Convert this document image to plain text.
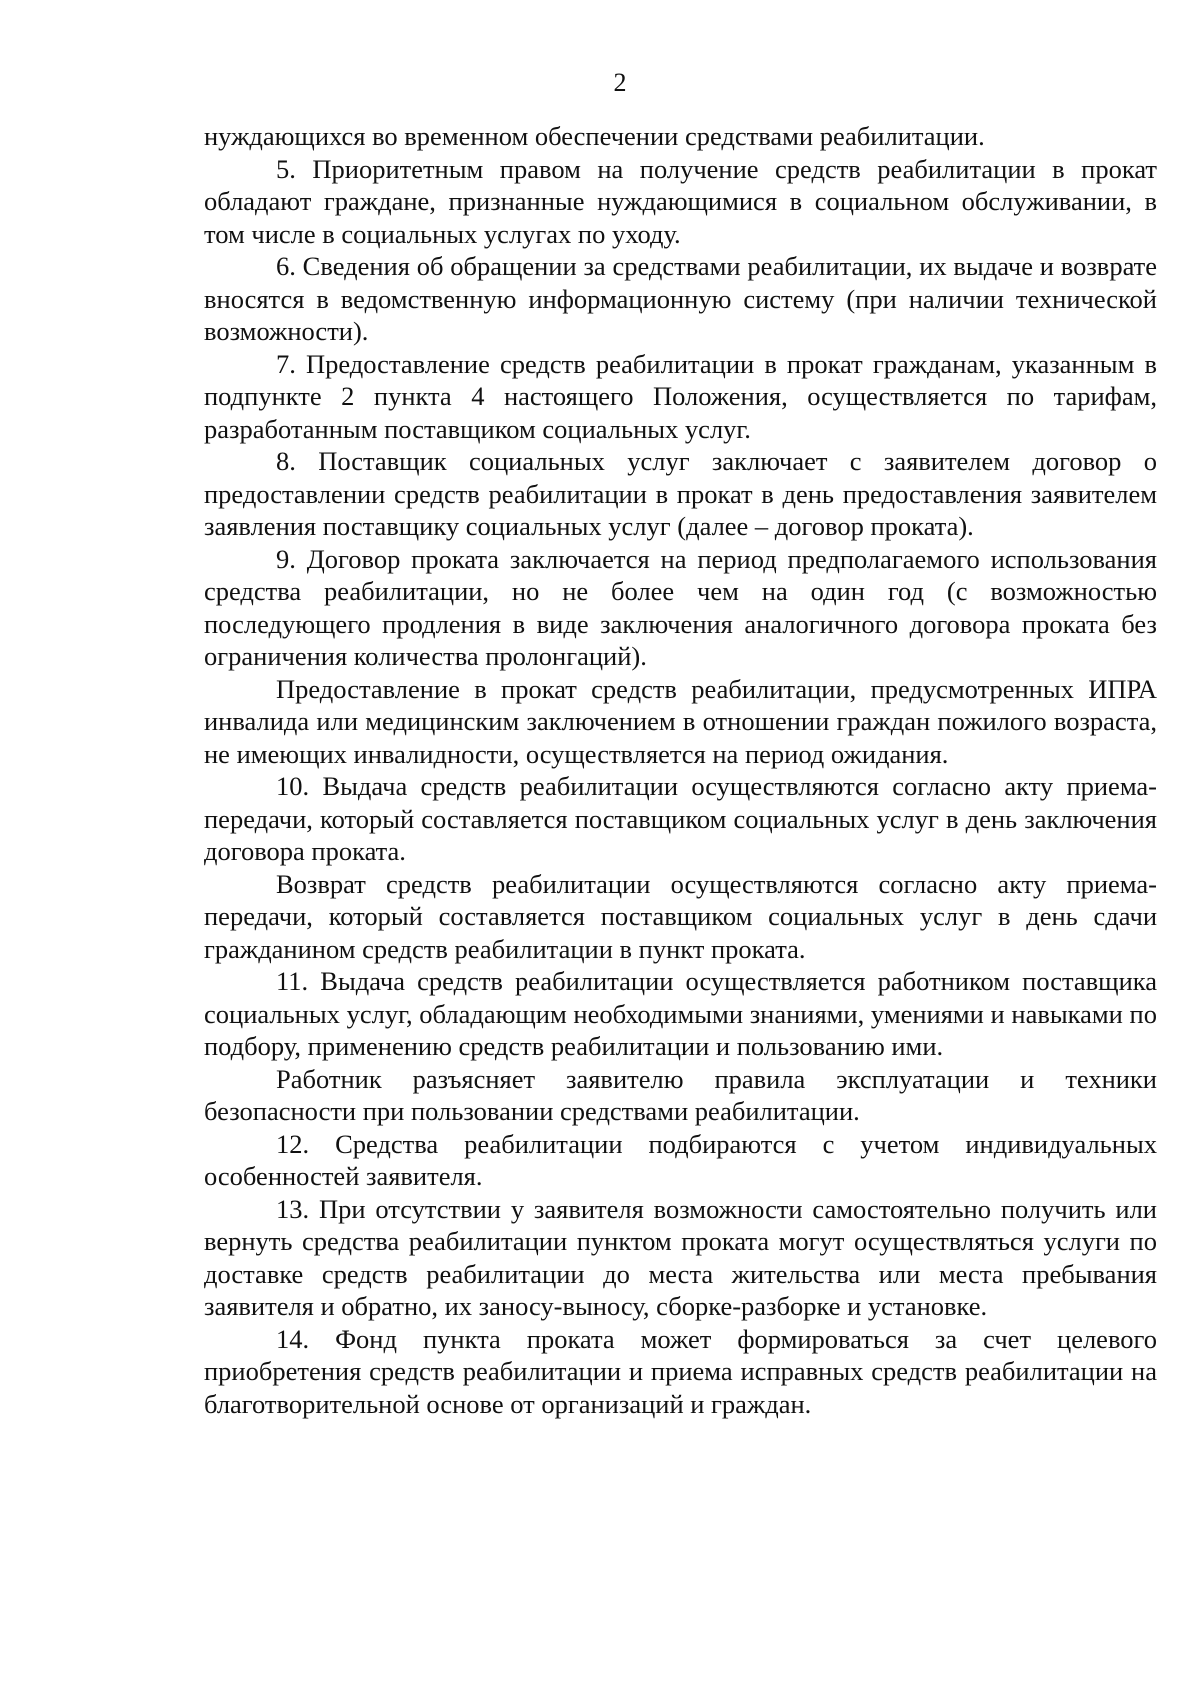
2

нуждающихся во временном обеспечении средствами реабилитации.

5. Приоритетным правом на получение средств реабилитации в прокат обладают граждане, признанные нуждающимися в социальном обслуживании, в том числе в социальных услугах по уходу.

6. Сведения об обращении за средствами реабилитации, их выдаче и возврате вносятся в ведомственную информационную систему (при наличии технической возможности).

7. Предоставление средств реабилитации в прокат гражданам, указанным в подпункте 2 пункта 4 настоящего Положения, осуществляется по тарифам, разработанным поставщиком социальных услуг.

8. Поставщик социальных услуг заключает с заявителем договор о предоставлении средств реабилитации в прокат в день предоставления заявителем заявления поставщику социальных услуг (далее – договор проката).

9. Договор проката заключается на период предполагаемого использования средства реабилитации, но не более чем на один год (с возможностью последующего продления в виде заключения аналогичного договора проката без ограничения количества пролонгаций).

Предоставление в прокат средств реабилитации, предусмотренных ИПРА инвалида или медицинским заключением в отношении граждан пожилого возраста, не имеющих инвалидности, осуществляется на период ожидания.

10. Выдача средств реабилитации осуществляются согласно акту приема-передачи, который составляется поставщиком социальных услуг в день заключения договора проката.

Возврат средств реабилитации осуществляются согласно акту приема-передачи, который составляется поставщиком социальных услуг в день сдачи гражданином средств реабилитации в пункт проката.

11. Выдача средств реабилитации осуществляется работником поставщика социальных услуг, обладающим необходимыми знаниями, умениями и навыками по подбору, применению средств реабилитации и пользованию ими.

Работник разъясняет заявителю правила эксплуатации и техники безопасности при пользовании средствами реабилитации.

12. Средства реабилитации подбираются с учетом индивидуальных особенностей заявителя.

13. При отсутствии у заявителя возможности самостоятельно получить или вернуть средства реабилитации пунктом проката могут осуществляться услуги по доставке средств реабилитации до места жительства или места пребывания заявителя и обратно, их заносу-выносу, сборке-разборке и установке.

14. Фонд пункта проката может формироваться за счет целевого приобретения средств реабилитации и приема исправных средств реабилитации на благотворительной основе от организаций и граждан.
